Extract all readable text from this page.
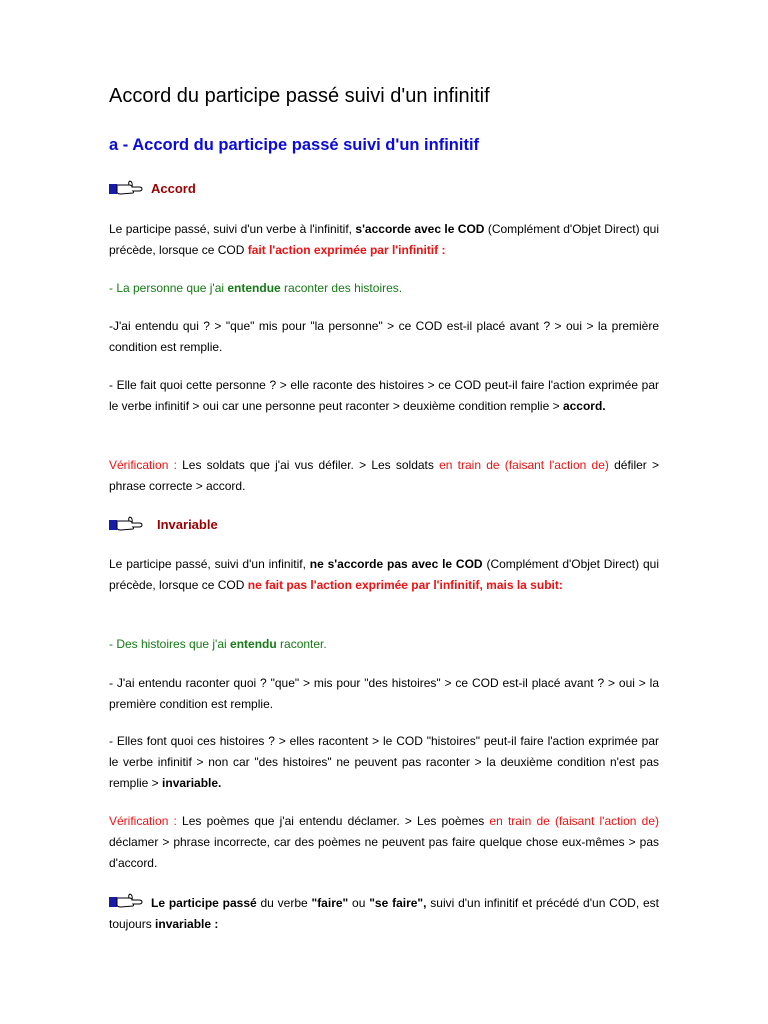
Accord du participe passé suivi d'un infinitif
a - Accord du participe passé suivi d'un infinitif
Accord

Le participe passé, suivi d'un verbe à l'infinitif, s'accorde avec le COD (Complément d'Objet Direct) qui précède, lorsque ce COD fait l'action exprimée par l'infinitif :

- La personne que j'ai entendue raconter des histoires.

-J'ai entendu qui ? > "que" mis pour "la personne" > ce COD est-il placé avant ? > oui > la première condition est remplie.

- Elle fait quoi cette personne ? > elle raconte des histoires > ce COD peut-il faire l'action exprimée par le verbe infinitif > oui car une personne peut raconter > deuxième condition remplie > accord.

Vérification : Les soldats que j'ai vus défiler. > Les soldats en train de (faisant l'action de) défiler > phrase correcte > accord.

Invariable

Le participe passé, suivi d'un infinitif, ne s'accorde pas avec le COD (Complément d'Objet Direct) qui précède, lorsque ce COD ne fait pas l'action exprimée par l'infinitif, mais la subit:

- Des histoires que j'ai entendu raconter.

- J'ai entendu raconter quoi ? "que" > mis pour "des histoires" > ce COD est-il placé avant ? > oui > la première condition est remplie.

- Elles font quoi ces histoires ? > elles racontent > le COD "histoires" peut-il faire l'action exprimée par le verbe infinitif > non car "des histoires" ne peuvent pas raconter > la deuxième condition n'est pas remplie > invariable.

Vérification : Les poèmes que j'ai entendu déclamer. > Les poèmes en train de (faisant l'action de) déclamer > phrase incorrecte, car des poèmes ne peuvent pas faire quelque chose eux-mêmes > pas d'accord.

Le participe passé du verbe "faire" ou "se faire", suivi d'un infinitif et précédé d'un COD, est toujours invariable :
